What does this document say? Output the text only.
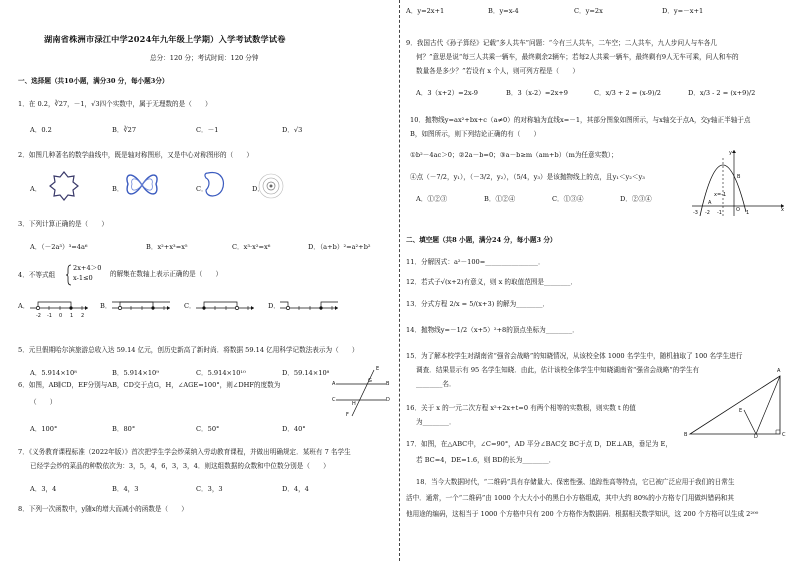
湖南省株洲市渌江中学2024年九年级上学期）入学考试数学试卷
总分：120 分；考试时间：120 分钟
一、选择题（共10小题，满分30 分，每小题3分）
1．在 0.2，∛27，－1，√3四个实数中，属于无理数的是（　　）
A．0.2	B．∛27	C．－1	D．√3
2．如图几种著名的数学曲线中，既是轴对称图形，又是中心对称图形的（　　）
A．	B．	C．	D．
3．下列计算正确的是（　　）
A．（－2a³）³=4a⁶	B．x²+x³=x⁵	C．x³·x²=x⁶	D．（a+b）²=a²+b²
4．不等式组
2x+4＞0
x-1≤0	的解集在数轴上表示正确的是（　　）
A．	B．	C．	D．
-2 -1 0 1 2
5．元旦假期哈尔滨旅游总收入达 59.14 亿元，创历史新高了新时尚．将数据 59.14 亿用科学记数法表示为（　　）
A．5.914×10⁸	B．5.914×10⁹	C．5.914×10¹⁰	D．59.14×10⁸
6．如图，AB∥CD，EF分别与AB，CD交于点G，H，∠AGE=100°，则∠DHF的度数为
（　　）
A	B
C	D
E
F
G
H
A．100°	B．80°	C．50°	D．40°
7．《义务教育课程标准（2022年版）》首次把学生学会炒菜纳入劳动教育课程，并做出明确规定．某班有 7 名学生
已经学会炒的菜品的种数依次为：3，5，4，6，3，3，4．则这组数据的众数和中位数分别是（　　）
A．3，4	B．4，3	C．3，3	D．4，4
8．下列一次函数中，y随x的增大而减小的函数是（　　）
A．y=2x+1	B．y=x-4	C．y=2x	D．y=－x+1
9．我国古代《孙子算经》记载“多人共车”问题：“今有三人共车，二车空；二人共车，九人步问人与车各几
何？”意思是说“每三人共乘一辆车，最终剩余2辆车；若每2人共乘一辆车，最终剩有9人无车可乘，问人和车的
数量各是多少？”若设有 x 个人，则可列方程是（　　）
A．3（x+2）=2x-9	B．3（x-2）=2x+9	C．x/3 + 2 = (x-9)/2	D．x/3 - 2 = (x+9)/2
10．抛物线y=ax²+bx+c（a≠0）的对称轴为直线x=－1，其部分图象如图所示，与x轴交于点A，交y轴正半轴于点
B，如图所示，则下列结论正确的有（　　）
①b²－4ac＞0；②2a－b=0；③a－b≥m（am+b）（m为任意实数）；
④点（－7/2，y₁），（－3/2，y₂），（5/4，y₃）是该抛物线上的点，且y₁＜y₂＜y₃
A．①②③	B．①②④	C．①③④	D．②③④
y
x
O
A
B
-3 -2 -1	1
x=-1
二、填空题（共8 小题，满分24 分，每小题3 分）
11．分解因式：a²－100=________________．
12．若式子√(x+2)有意义，则 x 的取值范围是________．
13．分式方程 2/x = 5/(x+3) 的解为________．
14．抛物线y=－1/2（x+5）²+8的顶点坐标为________．
15．为了解本校学生对湖南省“强省会战略”的知晓情况，从该校全体 1000 名学生中，随机抽取了 100 名学生进行
调查．结果显示有 95 名学生知晓．由此，估计该校全体学生中知晓湖南省“强省会战略”的学生有
________名．
16．关于 x 的一元二次方程 x²+2x+t=0 有两个相等的实数根，则实数 t 的值
为________．
A
B	C
D
E
17．如图，在△ABC中，∠C=90°，AD 平分∠BAC交 BC于点 D，DE⊥AB，垂足为 E，
若 BC=4，DE=1.6，则 BD的长为________．
18．当今大数据时代，“二维码”具有存储量大、保密性强、追踪性高等特点，它已被广泛应用于我们的日常生
活中．通常，一个“二维码”由 1000 个大大小小的黑白小方格组成，其中大约 80%的小方格专门用做纠错码和其
他用途的编码，这相当于 1000 个方格中只有 200 个方格作为数据码．根据相关数学知识，这 200 个方格可以生成 2²⁰⁰
